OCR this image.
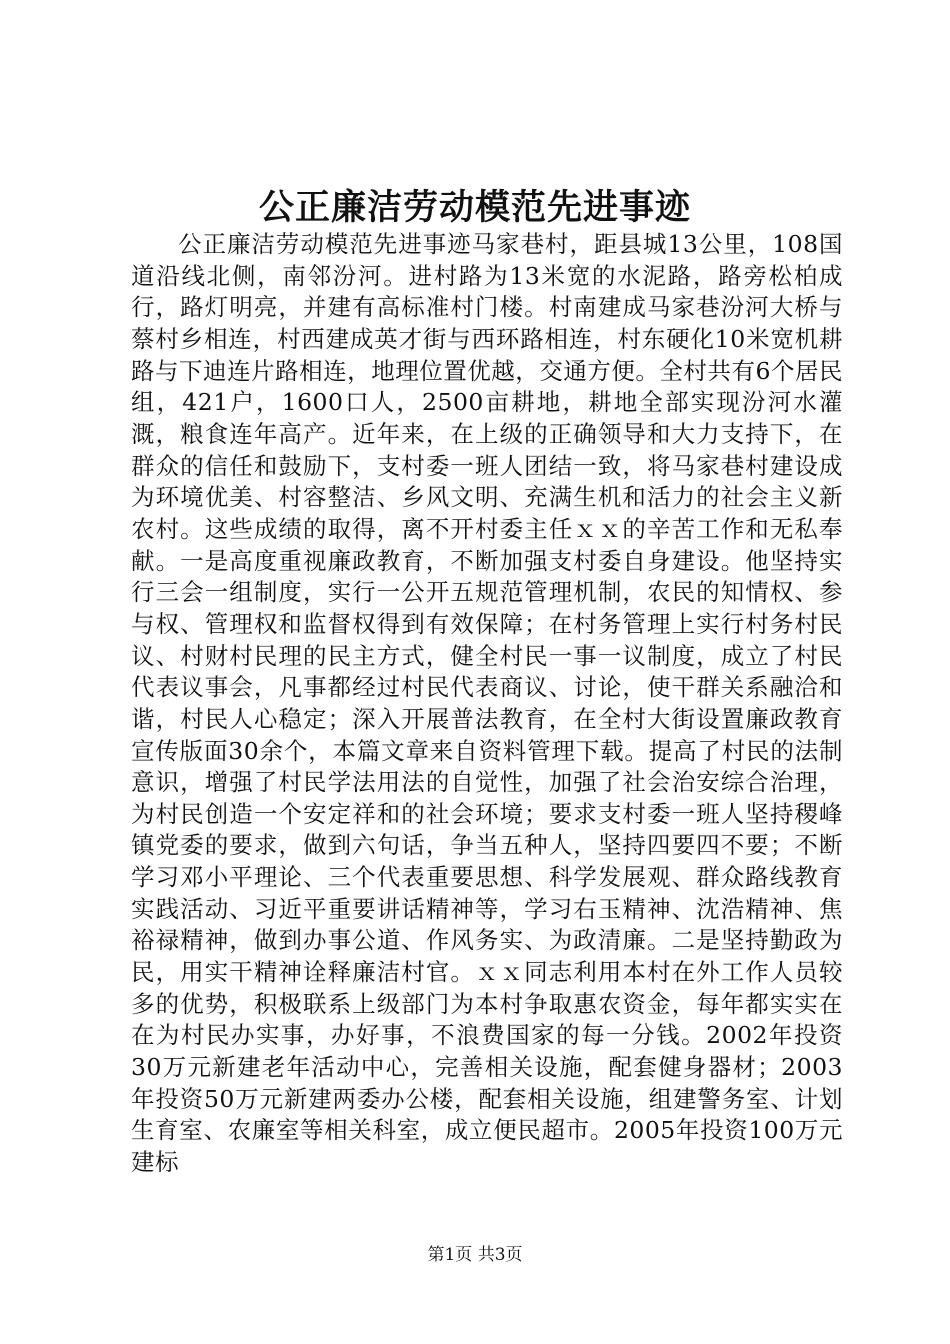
公正廉洁劳动模范先进事迹

公正廉洁劳动模范先进事迹马家巷村，距县城13公里，108国道沿线北侧，南邻汾河。进村路为13米宽的水泥路，路旁松柏成行，路灯明亮，并建有高标准村门楼。村南建成马家巷汾河大桥与蔡村乡相连，村西建成英才街与西环路相连，村东硬化10米宽机耕路与下迪连片路相连，地理位置优越，交通方便。全村共有6个居民组，421户，1600口人，2500亩耕地，耕地全部实现汾河水灌溉，粮食连年高产。近年来，在上级的正确领导和大力支持下，在群众的信任和鼓励下，支村委一班人团结一致，将马家巷村建设成为环境优美、村容整洁、乡风文明、充满生机和活力的社会主义新农村。这些成绩的取得，离不开村委主任ｘｘ的辛苦工作和无私奉献。一是高度重视廉政教育，不断加强支村委自身建设。他坚持实行三会一组制度，实行一公开五规范管理机制，农民的知情权、参与权、管理权和监督权得到有效保障；在村务管理上实行村务村民议、村财村民理的民主方式，健全村民一事一议制度，成立了村民代表议事会，凡事都经过村民代表商议、讨论，使干群关系融洽和谐，村民人心稳定；深入开展普法教育，在全村大街设置廉政教育宣传版面30余个，本篇文章来自资料管理下载。提高了村民的法制意识，增强了村民学法用法的自觉性，加强了社会治安综合治理，为村民创造一个安定祥和的社会环境；要求支村委一班人坚持稷峰镇党委的要求，做到六句话，争当五种人，坚持四要四不要；不断学习邓小平理论、三个代表重要思想、科学发展观、群众路线教育实践活动、习近平重要讲话精神等，学习右玉精神、沈浩精神、焦裕禄精神，做到办事公道、作风务实、为政清廉。二是坚持勤政为民，用实干精神诠释廉洁村官。ｘｘ同志利用本村在外工作人员较多的优势，积极联系上级部门为本村争取惠农资金，每年都实实在在为村民办实事，办好事，不浪费国家的每一分钱。2002年投资30万元新建老年活动中心，完善相关设施，配套健身器材；2003年投资50万元新建两委办公楼，配套相关设施，组建警务室、计划生育室、农廉室等相关科室，成立便民超市。2005年投资100万元建标

第1页 共3页
